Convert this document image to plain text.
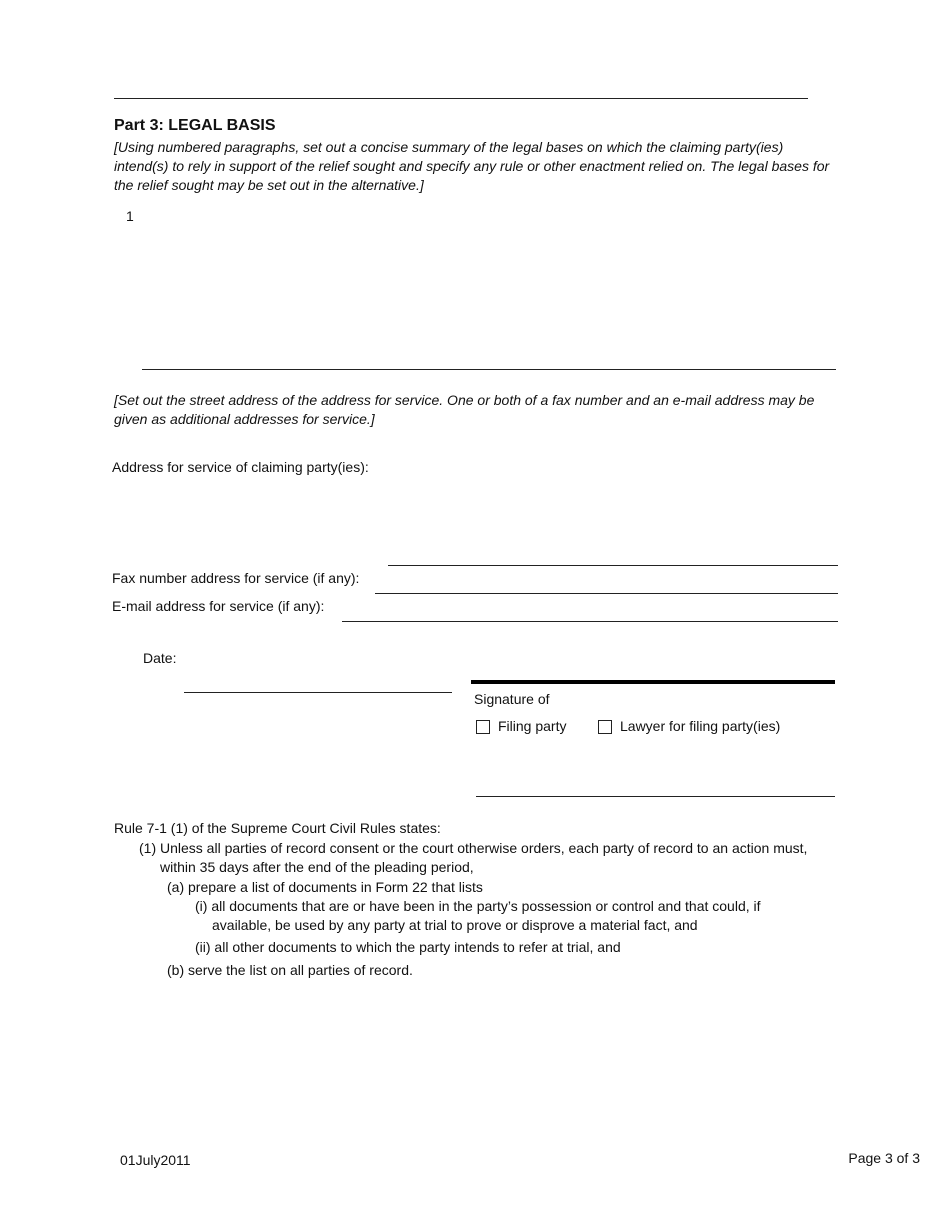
Part 3: LEGAL BASIS
[Using numbered paragraphs, set out a concise summary of the legal bases on which the claiming party(ies) intend(s) to rely in support of the relief sought and specify any rule or other enactment relied on. The legal bases for the relief sought may be set out in the alternative.]
1
[Set out the street address of the address for service. One or both of a fax number and an e-mail address may be given as additional addresses for service.]
Address for service of claiming party(ies):
Fax number address for service (if any):
E-mail address for service (if any):
Date:
Signature of
Filing party	Lawyer for filing party(ies)
Rule 7-1 (1) of the Supreme Court Civil Rules states:
(1) Unless all parties of record consent or the court otherwise orders, each party of record to an action must,
within 35 days after the end of the pleading period,
(a) prepare a list of documents in Form 22 that lists
(i) all documents that are or have been in the party’s possession or control and that could, if
available, be used by any party at trial to prove or disprove a material fact, and
(ii) all other documents to which the party intends to refer at trial, and
(b) serve the list on all parties of record.
01July2011	Page 3 of 3
